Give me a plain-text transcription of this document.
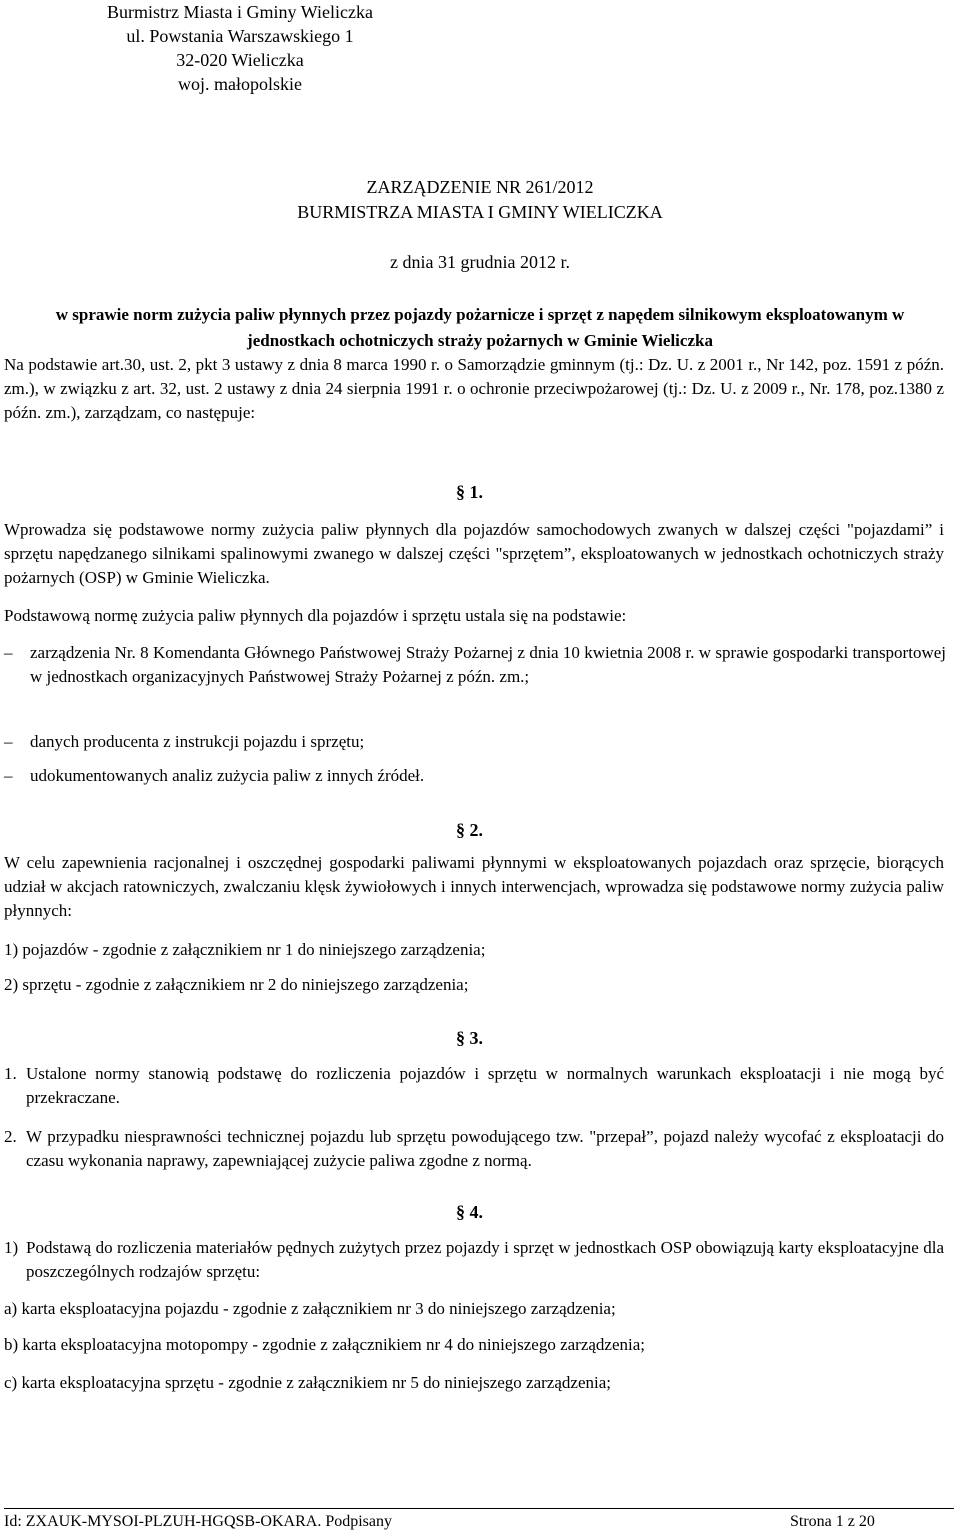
Burmistrz Miasta i Gminy Wieliczka
ul. Powstania Warszawskiego 1
32-020 Wieliczka
woj. małopolskie
ZARZĄDZENIE NR 261/2012
BURMISTRZA MIASTA I GMINY WIELICZKA
z dnia 31 grudnia 2012 r.
w sprawie norm zużycia paliw płynnych przez pojazdy pożarnicze i sprzęt z napędem silnikowym eksploatowanym w jednostkach ochotniczych straży pożarnych w Gminie Wieliczka
Na podstawie art.30, ust. 2, pkt 3 ustawy z dnia 8 marca 1990 r. o Samorządzie gminnym (tj.: Dz. U. z 2001 r., Nr 142, poz. 1591 z późn. zm.), w związku z art. 32, ust. 2 ustawy z dnia 24 sierpnia 1991 r. o ochronie przeciwpożarowej (tj.: Dz. U. z 2009 r., Nr. 178, poz.1380 z późn. zm.), zarządzam, co następuje:
§ 1.
Wprowadza się podstawowe normy zużycia paliw płynnych dla pojazdów samochodowych zwanych w dalszej części "pojazdami” i sprzętu napędzanego silnikami spalinowymi zwanego w dalszej części "sprzętem”, eksploatowanych w jednostkach ochotniczych straży pożarnych (OSP) w Gminie Wieliczka.
Podstawową normę zużycia paliw płynnych dla pojazdów i sprzętu ustala się na podstawie:
– zarządzenia Nr. 8 Komendanta Głównego Państwowej Straży Pożarnej z dnia 10 kwietnia 2008 r. w sprawie gospodarki transportowej w jednostkach organizacyjnych Państwowej Straży Pożarnej z późn. zm.;
– danych producenta z instrukcji pojazdu i sprzętu;
– udokumentowanych analiz zużycia paliw z innych źródeł.
§ 2.
W celu zapewnienia racjonalnej i oszczędnej gospodarki paliwami płynnymi w eksploatowanych pojazdach oraz sprzęcie, biorących udział w akcjach ratowniczych, zwalczaniu klęsk żywiołowych i innych interwencjach, wprowadza się podstawowe normy zużycia paliw płynnych:
1) pojazdów - zgodnie z załącznikiem nr 1 do niniejszego zarządzenia;
2) sprzętu - zgodnie z załącznikiem nr 2 do niniejszego zarządzenia;
§ 3.
1. Ustalone normy stanowią podstawę do rozliczenia pojazdów i sprzętu w normalnych warunkach eksploatacji i nie mogą być przekraczane.
2. W przypadku niesprawności technicznej pojazdu lub sprzętu powodującego tzw. "przepał”, pojazd należy wycofać z eksploatacji do czasu wykonania naprawy, zapewniającej zużycie paliwa zgodne z normą.
§ 4.
1) Podstawą do rozliczenia materiałów pędnych zużytych przez pojazdy i sprzęt w jednostkach OSP obowiązują karty eksploatacyjne dla poszczególnych rodzajów sprzętu:
a) karta eksploatacyjna pojazdu - zgodnie z załącznikiem nr 3 do niniejszego zarządzenia;
b) karta eksploatacyjna motopompy - zgodnie z załącznikiem nr 4 do niniejszego zarządzenia;
c) karta eksploatacyjna sprzętu - zgodnie z załącznikiem nr 5 do niniejszego zarządzenia;
Id: ZXAUK-MYSOI-PLZUH-HGQSB-OKARA. Podpisany	Strona 1 z 20
